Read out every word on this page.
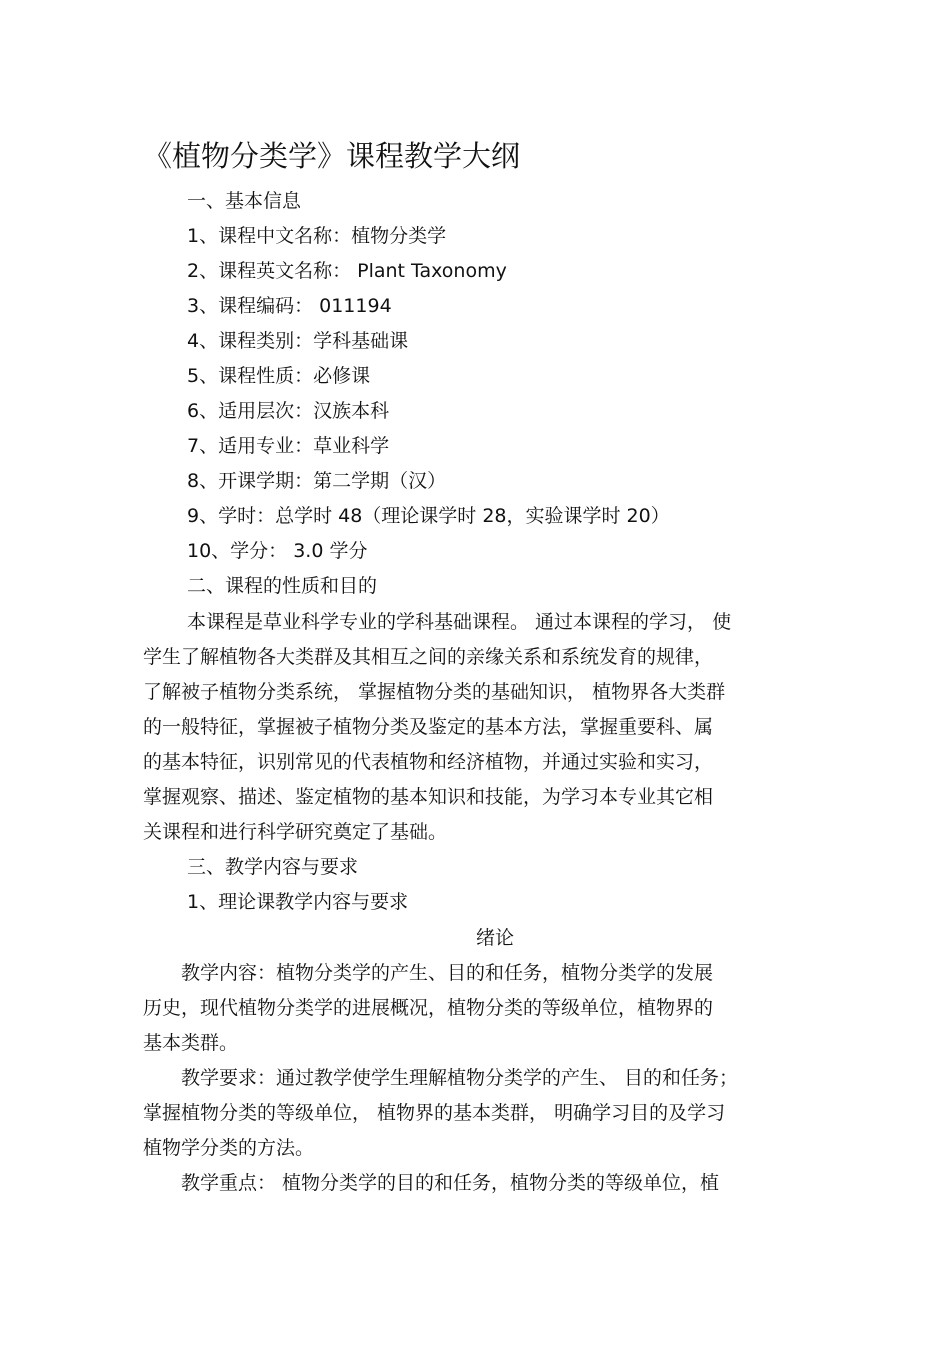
《植物分类学》课程教学大纲

一、基本信息

1、课程中文名称：植物分类学

2、课程英文名称： Plant Taxonomy

3、课程编码： 011194

4、课程类别：学科基础课

5、课程性质：必修课

6、适用层次：汉族本科

7、适用专业：草业科学

8、开课学期：第二学期（汉）

9、学时：总学时 48（理论课学时 28，实验课学时 20）

10、学分： 3.0 学分

二、课程的性质和目的

本课程是草业科学专业的学科基础课程。 通过本课程的学习， 使

学生了解植物各大类群及其相互之间的亲缘关系和系统发育的规律，

了解被子植物分类系统， 掌握植物分类的基础知识， 植物界各大类群

的一般特征，掌握被子植物分类及鉴定的基本方法，掌握重要科、属

的基本特征，识别常见的代表植物和经济植物，并通过实验和实习，

掌握观察、描述、鉴定植物的基本知识和技能，为学习本专业其它相

关课程和进行科学研究奠定了基础。

三、教学内容与要求

1、理论课教学内容与要求

绪论

教学内容：植物分类学的产生、目的和任务，植物分类学的发展

历史，现代植物分类学的进展概况，植物分类的等级单位，植物界的

基本类群。

教学要求：通过教学使学生理解植物分类学的产生、 目的和任务；

掌握植物分类的等级单位， 植物界的基本类群， 明确学习目的及学习

植物学分类的方法。

教学重点： 植物分类学的目的和任务，植物分类的等级单位，植
